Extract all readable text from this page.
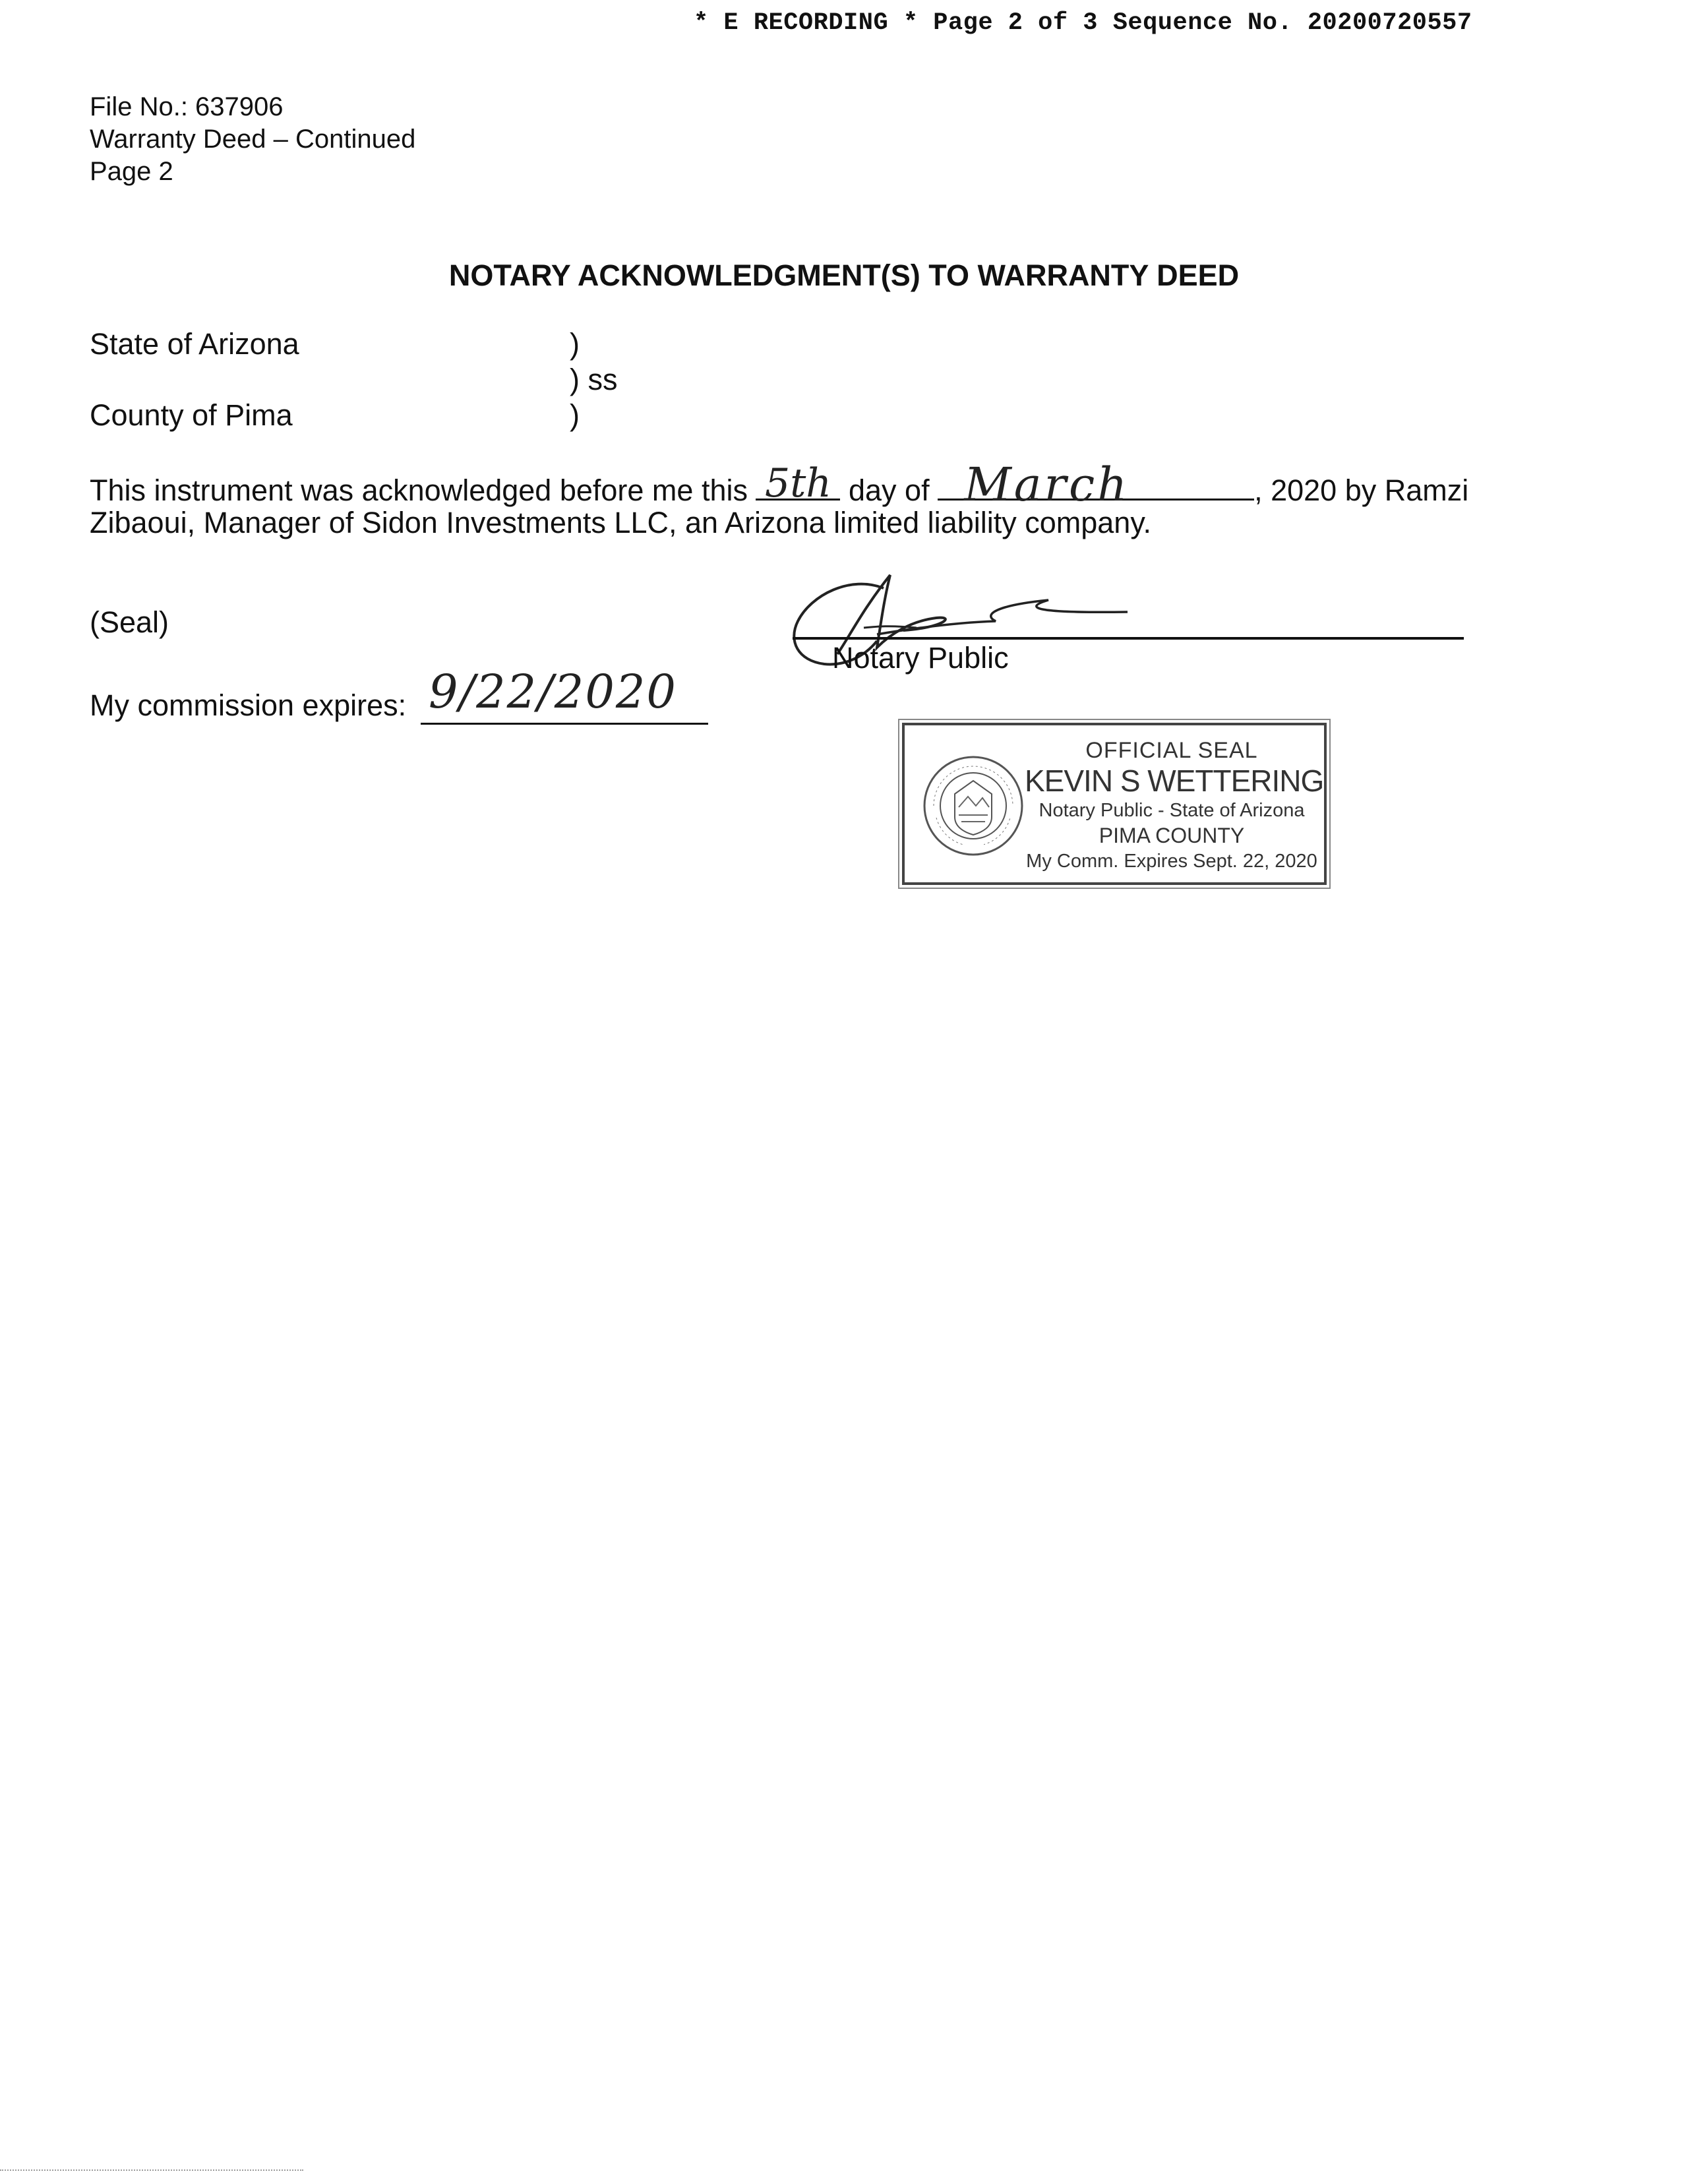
* E RECORDING * Page 2 of 3 Sequence No. 20200720557
File No.: 637906
Warranty Deed – Continued
Page 2
NOTARY ACKNOWLEDGMENT(S) TO WARRANTY DEED
State of Arizona
County of Pima
)
) ss
)
This instrument was acknowledged before me this 5th day of March	, 2020 by Ramzi
Zibaoui, Manager of Sidon Investments LLC, an Arizona limited liability company.
(Seal)
Notary Public
My commission expires: 9/22/2020
OFFICIAL SEAL
KEVIN S WETTERING
Notary Public - State of Arizona
PIMA COUNTY
My Comm. Expires Sept. 22, 2020
